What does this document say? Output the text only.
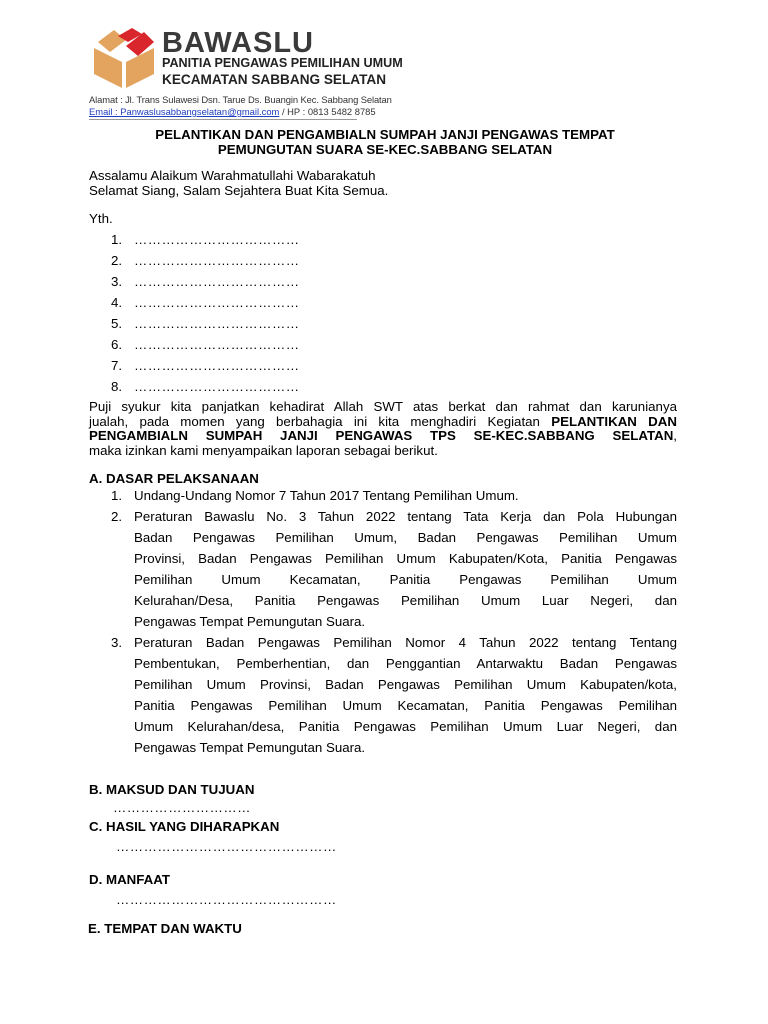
BAWASLU
PANITIA PENGAWAS PEMILIHAN UMUM
KECAMATAN SABBANG SELATAN
Alamat : Jl. Trans Sulawesi Dsn. Tarue Ds. Buangin Kec. Sabbang Selatan
Email : Panwaslusabbangselatan@gmail.com / HP : 0813 5482 8785
PELANTIKAN DAN PENGAMBIALN SUMPAH JANJI PENGAWAS TEMPAT
PEMUNGUTAN SUARA SE-KEC.SABBANG SELATAN
Assalamu Alaikum Warahmatullahi Wabarakatuh
Selamat Siang, Salam Sejahtera Buat Kita Semua.
Yth.
1. ………………………………
2. ………………………………
3. ………………………………
4. ………………………………
5. ………………………………
6. ………………………………
7. ………………………………
8. ………………………………
Puji syukur kita panjatkan kehadirat Allah SWT atas berkat dan rahmat dan karunianya
jualah, pada momen yang berbahagia ini kita menghadiri Kegiatan PELANTIKAN DAN
PENGAMBIALN SUMPAH JANJI PENGAWAS TPS SE-KEC.SABBANG SELATAN,
maka izinkan kami menyampaikan laporan sebagai berikut.
A. DASAR PELAKSANAAN
1. Undang-Undang Nomor 7 Tahun 2017 Tentang Pemilihan Umum.
2. Peraturan Bawaslu No. 3 Tahun 2022 tentang Tata Kerja dan Pola Hubungan
Badan Pengawas Pemilihan Umum, Badan Pengawas Pemilihan Umum
Provinsi, Badan Pengawas Pemilihan Umum Kabupaten/Kota, Panitia Pengawas
Pemilihan Umum Kecamatan, Panitia Pengawas Pemilihan Umum
Kelurahan/Desa, Panitia Pengawas Pemilihan Umum Luar Negeri, dan
Pengawas Tempat Pemungutan Suara.
3. Peraturan Badan Pengawas Pemilihan Nomor 4 Tahun 2022 tentang Tentang
Pembentukan, Pemberhentian, dan Penggantian Antarwaktu Badan Pengawas
Pemilihan Umum Provinsi, Badan Pengawas Pemilihan Umum Kabupaten/kota,
Panitia Pengawas Pemilihan Umum Kecamatan, Panitia Pengawas Pemilihan
Umum Kelurahan/desa, Panitia Pengawas Pemilihan Umum Luar Negeri, dan
Pengawas Tempat Pemungutan Suara.
B. MAKSUD DAN TUJUAN
…………………………
C. HASIL YANG DIHARAPKAN
…………………………………………
D. MANFAAT
…………………………………………
E. TEMPAT DAN WAKTU
